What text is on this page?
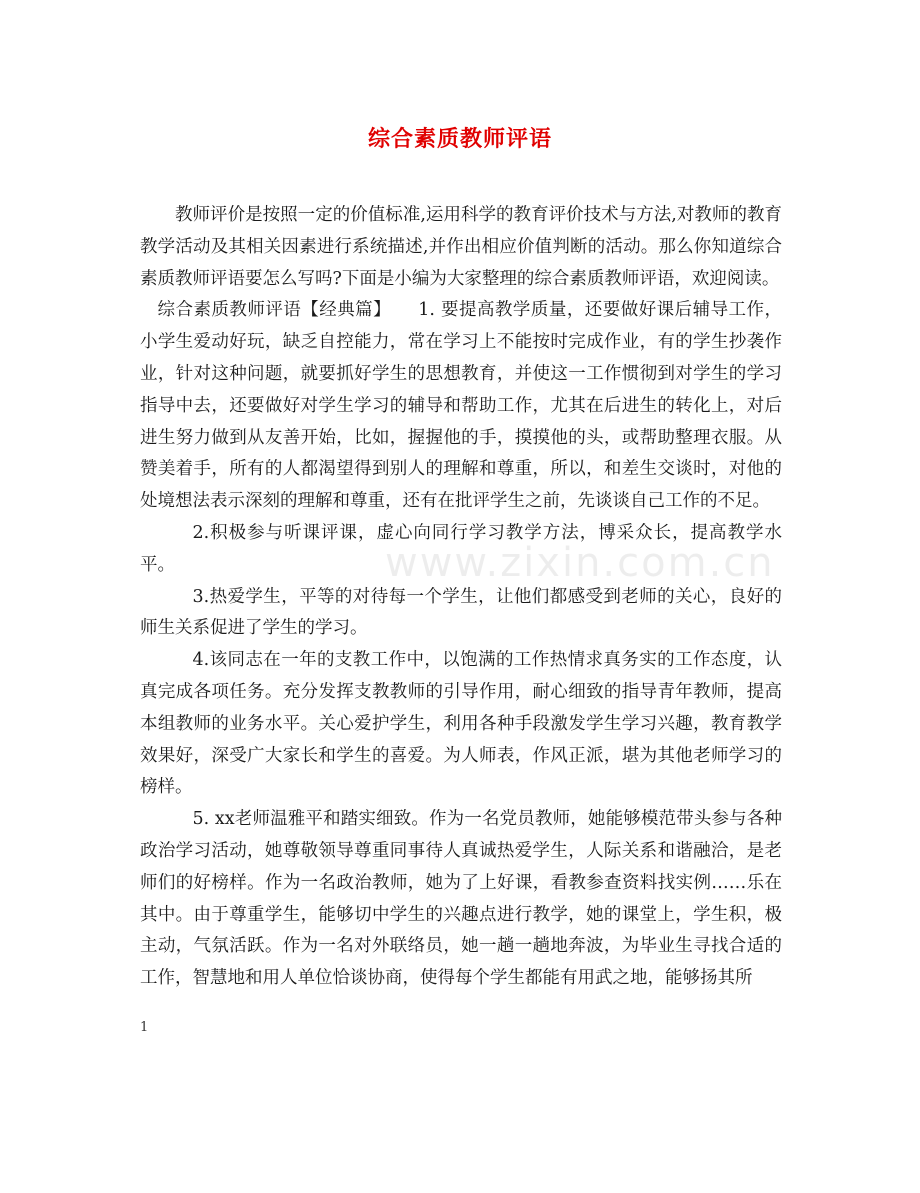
综合素质教师评语

教师评价是按照一定的价值标准,运用科学的教育评价技术与方法,对教师的教育教学活动及其相关因素进行系统描述,并作出相应价值判断的活动。那么你知道综合素质教师评语要怎么写吗?下面是小编为大家整理的综合素质教师评语，欢迎阅读。

综合素质教师评语【经典篇】　　1. 要提高教学质量，还要做好课后辅导工作，小学生爱动好玩，缺乏自控能力，常在学习上不能按时完成作业，有的学生抄袭作业，针对这种问题，就要抓好学生的思想教育，并使这一工作惯彻到对学生的学习指导中去，还要做好对学生学习的辅导和帮助工作，尤其在后进生的转化上，对后进生努力做到从友善开始，比如，握握他的手，摸摸他的头，或帮助整理衣服。从赞美着手，所有的人都渴望得到别人的理解和尊重，所以，和差生交谈时，对他的处境想法表示深刻的理解和尊重，还有在批评学生之前，先谈谈自己工作的不足。

2.积极参与听课评课，虚心向同行学习教学方法，博采众长，提高教学水平。

3.热爱学生，平等的对待每一个学生，让他们都感受到老师的关心，良好的师生关系促进了学生的学习。

4.该同志在一年的支教工作中，以饱满的工作热情求真务实的工作态度，认真完成各项任务。充分发挥支教教师的引导作用，耐心细致的指导青年教师，提高本组教师的业务水平。关心爱护学生，利用各种手段激发学生学习兴趣，教育教学效果好，深受广大家长和学生的喜爱。为人师表，作风正派，堪为其他老师学习的榜样。

5. xx老师温雅平和踏实细致。作为一名党员教师，她能够模范带头参与各种政治学习活动，她尊敬领导尊重同事待人真诚热爱学生，人际关系和谐融洽，是老师们的好榜样。作为一名政治教师，她为了上好课，看教参查资料找实例……乐在其中。由于尊重学生，能够切中学生的兴趣点进行教学，她的课堂上，学生积，极主动，气氛活跃。作为一名对外联络员，她一趟一趟地奔波，为毕业生寻找合适的工作，智慧地和用人单位恰谈协商，使得每个学生都能有用武之地，能够扬其所

www.zixin.com.cn
1
